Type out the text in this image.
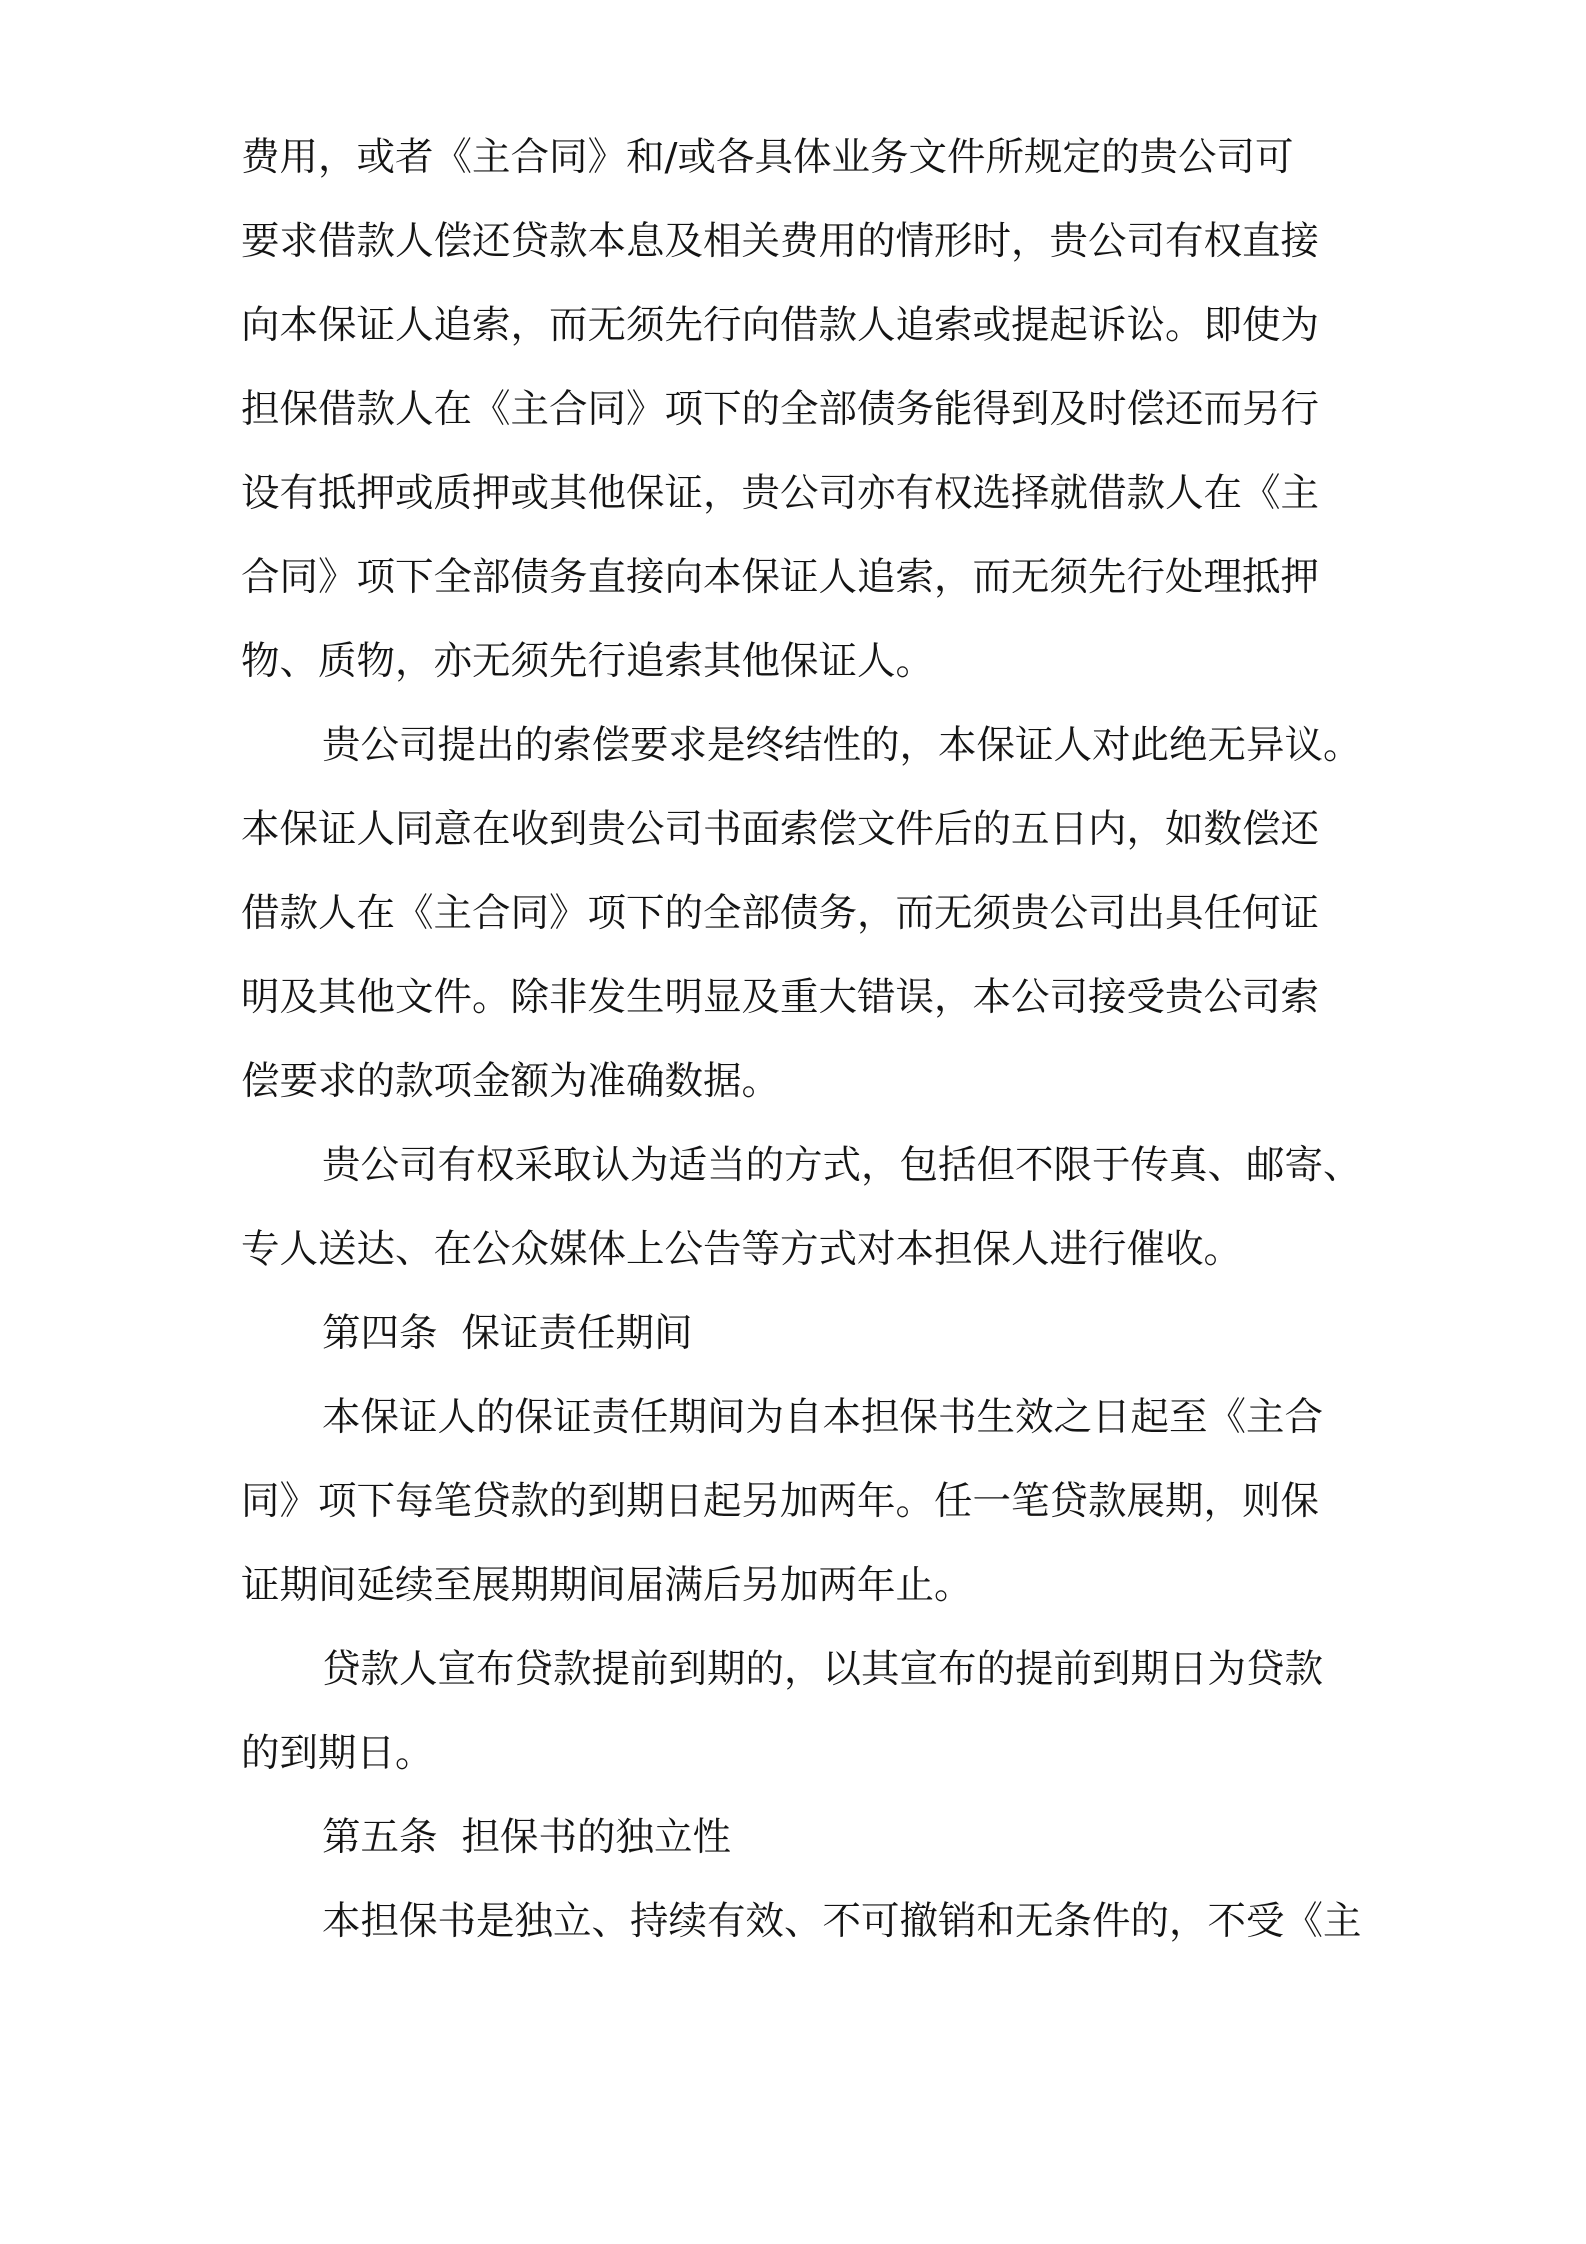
费用，或者《主合同》和/或各具体业务文件所规定的贵公司可
要求借款人偿还贷款本息及相关费用的情形时，贵公司有权直接
向本保证人追索，而无须先行向借款人追索或提起诉讼。即使为
担保借款人在《主合同》项下的全部债务能得到及时偿还而另行
设有抵押或质押或其他保证，贵公司亦有权选择就借款人在《主
合同》项下全部债务直接向本保证人追索，而无须先行处理抵押
物、质物，亦无须先行追索其他保证人。
贵公司提出的索偿要求是终结性的，本保证人对此绝无异议。
本保证人同意在收到贵公司书面索偿文件后的五日内，如数偿还
借款人在《主合同》项下的全部债务，而无须贵公司出具任何证
明及其他文件。除非发生明显及重大错误，本公司接受贵公司索
偿要求的款项金额为准确数据。
贵公司有权采取认为适当的方式，包括但不限于传真、邮寄、
专人送达、在公众媒体上公告等方式对本担保人进行催收。
第四条 保证责任期间
本保证人的保证责任期间为自本担保书生效之日起至《主合
同》项下每笔贷款的到期日起另加两年。任一笔贷款展期，则保
证期间延续至展期期间届满后另加两年止。
贷款人宣布贷款提前到期的，以其宣布的提前到期日为贷款
的到期日。
第五条 担保书的独立性
本担保书是独立、持续有效、不可撤销和无条件的，不受《主
